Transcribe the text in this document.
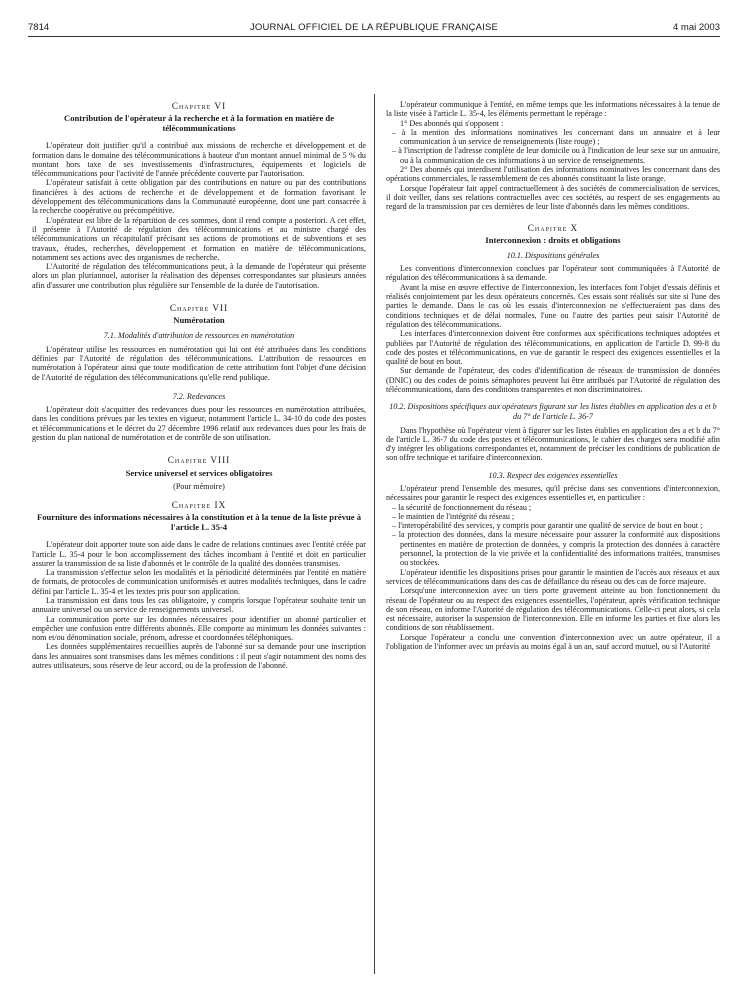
7814	JOURNAL OFFICIEL DE LA RÉPUBLIQUE FRANÇAISE	4 mai 2003
Chapitre VI
Contribution de l'opérateur à la recherche et à la formation en matière de télécommunications

L'opérateur doit justifier qu'il a contribué aux missions de recherche et développement et de formation dans le domaine des télécommunications à hauteur d'un montant annuel minimal de 5 % du montant hors taxe de ses investissements d'infrastructures, équipements et logiciels de télécommunications pour l'activité de l'année précédente couverte par l'autorisation.

L'opérateur satisfait à cette obligation par des contributions en nature ou par des contributions financières à des actions de recherche et de développement et de formation favorisant le développement des télécommunications dans la Communauté européenne, dont une part consacrée à la recherche coopérative ou précompétitive.

L'opérateur est libre de la répartition de ces sommes, dont il rend compte a posteriori. A cet effet, il présente à l'Autorité de régulation des télécommunications et au ministre chargé des télécommunications un récapitulatif précisant ses actions de promotions et de subventions et ses travaux, études, recherches, développement et formation en matière de télécommunications, notamment ses actions avec des organismes de recherche.

L'Autorité de régulation des télécommunications peut, à la demande de l'opérateur qui présente alors un plan pluriannuel, autoriser la réalisation des dépenses correspondantes sur plusieurs années afin d'assurer une contribution plus régulière sur l'ensemble de la durée de l'autorisation.

Chapitre VII
Numérotation
7.1. Modalités d'attribution de ressources en numérotation

L'opérateur utilise les ressources en numérotation qui lui ont été attribuées dans les conditions définies par l'Autorité de régulation des télécommunications. L'attribution de ressources en numérotation à l'opérateur ainsi que toute modification de cette attribution font l'objet d'une décision de l'Autorité de régulation des télécommunications qu'elle rend publique.

7.2. Redevances

L'opérateur doit s'acquitter des redevances dues pour les ressources en numérotation attribuées, dans les conditions prévues par les textes en vigueur, notamment l'article L. 34-10 du code des postes et télécommunications et le décret du 27 décembre 1996 relatif aux redevances dues pour les frais de gestion du plan national de numérotation et de contrôle de son utilisation.

Chapitre VIII
Service universel et services obligatoires
(Pour mémoire)
Chapitre IX
Fourniture des informations nécessaires à la constitution et à la tenue de la liste prévue à l'article L. 35-4

L'opérateur doit apporter toute son aide dans le cadre de relations continues avec l'entité créée par l'article L. 35-4 pour le bon accomplissement des tâches incombant à l'entité et doit en particulier assurer la transmission de sa liste d'abonnés et le contrôle de la qualité des données transmises.

La transmission s'effectue selon les modalités et la périodicité déterminées par l'entité en matière de formats, de protocoles de communication uniformisés et autres modalités techniques, dans le cadre défini par l'article L. 35-4 et les textes pris pour son application.

La transmission est dans tous les cas obligatoire, y compris lorsque l'opérateur souhaite tenir un annuaire universel ou un service de renseignements universel.

La communication porte sur les données nécessaires pour identifier un abonné particulier et empêcher une confusion entre différents abonnés. Elle comporte au minimum les données suivantes : nom et/ou dénomination sociale, prénom, adresse et coordonnées téléphoniques.

Les données supplémentaires recueillies auprès de l'abonné sur sa demande pour une inscription dans les annuaires sont transmises dans les mêmes conditions : il peut s'agir notamment des noms des autres utilisateurs, sous réserve de leur accord, ou de la profession de l'abonné.

L'opérateur communique à l'entité, en même temps que les informations nécessaires à la tenue de la liste visée à l'article L. 35-4, les éléments permettant le repérage :

1° Des abonnés qui s'opposent :

– à la mention des informations nominatives les concernant dans un annuaire et à leur communication à un service de renseignements (liste rouge) ;

– à l'inscription de l'adresse complète de leur domicile ou à l'indication de leur sexe sur un annuaire, ou à la communication de ces informations à un service de renseignements.

2° Des abonnés qui interdisent l'utilisation des informations nominatives les concernant dans des opérations commerciales, le rassemblement de ces abonnés constituant la liste orange.

Lorsque l'opérateur fait appel contractuellement à des sociétés de commercialisation de services, il doit veiller, dans ses relations contractuelles avec ces sociétés, au respect de ses engagements au regard de la transmission par ces dernières de leur liste d'abonnés dans les mêmes conditions.

Chapitre X
Interconnexion : droits et obligations
10.1. Dispositions générales

Les conventions d'interconnexion conclues par l'opérateur sont communiquées à l'Autorité de régulation des télécommunications à sa demande.

Avant la mise en œuvre effective de l'interconnexion, les interfaces font l'objet d'essais définis et réalisés conjointement par les deux opérateurs concernés. Ces essais sont réalisés sur site si l'une des parties le demande. Dans le cas où les essais d'interconnexion ne s'effectueraient pas dans des conditions techniques et de délai normales, l'une ou l'autre des parties peut saisir l'Autorité de régulation des télécommunications.

Les interfaces d'interconnexion doivent être conformes aux spécifications techniques adoptées et publiées par l'Autorité de régulation des télécommunications, en application de l'article D. 99-8 du code des postes et télécommunications, en vue de garantir le respect des exigences essentielles et la qualité de bout en bout.

Sur demande de l'opérateur, des codes d'identification de réseaux de transmission de données (DNIC) ou des codes de points sémaphores peuvent lui être attribués par l'Autorité de régulation des télécommunications, dans des conditions transparentes et non discriminatoires.

10.2. Dispositions spécifiques aux opérateurs figurant sur les listes établies en application des a et b du 7° de l'article L. 36-7

Dans l'hypothèse où l'opérateur vient à figurer sur les listes établies en application des a et b du 7° de l'article L. 36-7 du code des postes et télécommunications, le cahier des charges sera modifié afin d'y intégrer les obligations correspondantes et, notamment de préciser les conditions de publication de son offre technique et tarifaire d'interconnexion.

10.3. Respect des exigences essentielles

L'opérateur prend l'ensemble des mesures, qu'il précise dans ses conventions d'interconnexion, nécessaires pour garantir le respect des exigences essentielles et, en particulier :

– la sécurité de fonctionnement du réseau ;

– le maintien de l'intégrité du réseau ;

– l'interopérabilité des services, y compris pour garantir une qualité de service de bout en bout ;

– la protection des données, dans la mesure nécessaire pour assurer la conformité aux dispositions pertinentes en matière de protection de données, y compris la protection des données à caractère personnel, la protection de la vie privée et la confidentialité des informations traitées, transmises ou stockées.

L'opérateur identifie les dispositions prises pour garantir le maintien de l'accès aux réseaux et aux services de télécommunications dans des cas de défaillance du réseau ou des cas de force majeure.

Lorsqu'une interconnexion avec un tiers porte gravement atteinte au bon fonctionnement du réseau de l'opérateur ou au respect des exigences essentielles, l'opérateur, après vérification technique de son réseau, en informe l'Autorité de régulation des télécommunications. Celle-ci peut alors, si cela est nécessaire, autoriser la suspension de l'interconnexion. Elle en informe les parties et fixe alors les conditions de son rétablissement.

Lorsque l'opérateur a conclu une convention d'interconnexion avec un autre opérateur, il a l'obligation de l'informer avec un préavis au moins égal à un an, sauf accord mutuel, ou si l'Autorité
